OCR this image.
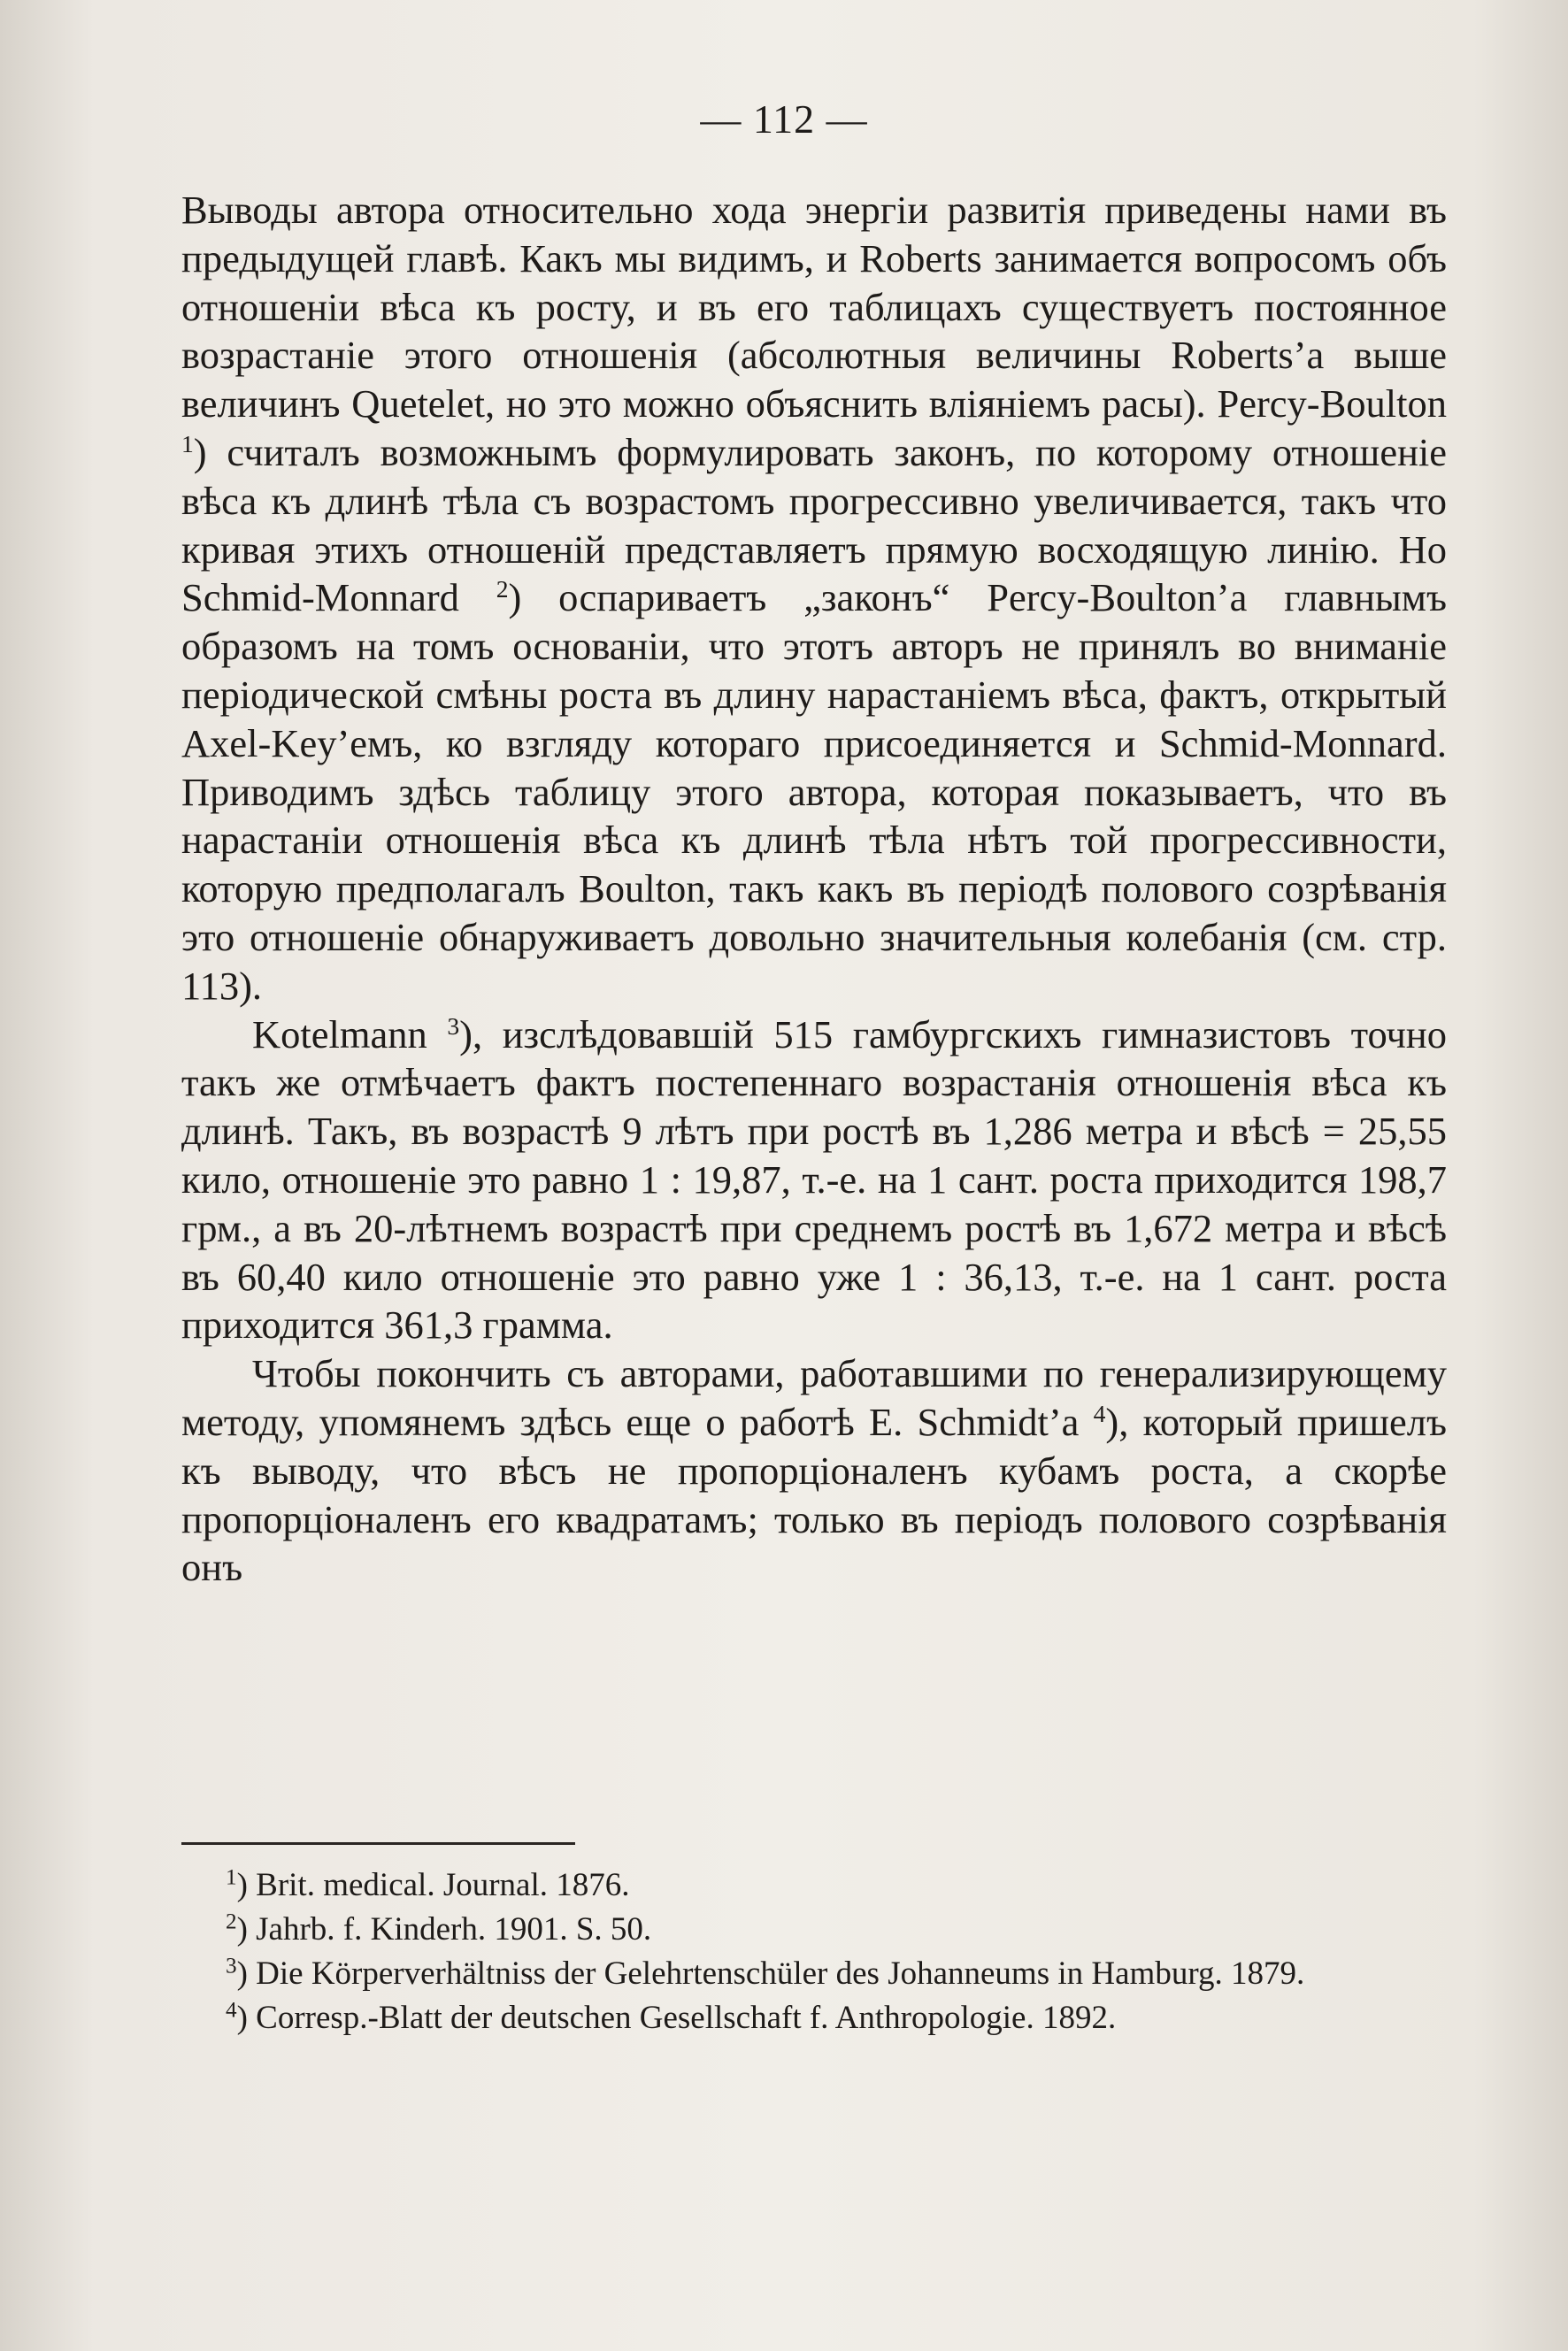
— 112 —

Выводы автора относительно хода энергіи развитія приведены нами въ предыдущей главѣ. Какъ мы видимъ, и Roberts занимается вопросомъ объ отношеніи вѣса къ росту, и въ его таблицахъ существуетъ постоянное возрастаніе этого отношенія (абсолютныя величины Roberts’а выше величинъ Quetelet, но это можно объяснить вліяніемъ расы). Percy-Boulton $^1$) считалъ возможнымъ формулировать законъ, по которому отношеніе вѣса къ длинѣ тѣла съ возрастомъ прогрессивно увеличивается, такъ что кривая этихъ отношеній представляетъ прямую восходящую линію. Но Schmid-Monnard $^2$) оспариваетъ „законъ“ Percy-Boulton’а главнымъ образомъ на томъ основаніи, что этотъ авторъ не принялъ во вниманіе періодической смѣны роста въ длину нарастаніемъ вѣса, фактъ, открытый Axel-Key’емъ, ко взгляду котораго присоединяется и Schmid-Monnard. Приводимъ здѣсь таблицу этого автора, которая показываетъ, что въ нарастаніи отношенія вѣса къ длинѣ тѣла нѣтъ той прогрессивности, которую предполагалъ Boulton, такъ какъ въ періодѣ полового созрѣванія это отношеніе обнаруживаетъ довольно значительныя колебанія (см. стр. 113).

Kotelmann $^3$), изслѣдовавшій 515 гамбургскихъ гимназистовъ точно такъ же отмѣчаетъ фактъ постепеннаго возрастанія отношенія вѣса къ длинѣ. Такъ, въ возрастѣ 9 лѣтъ при ростѣ въ 1,286 метра и вѣсѣ = 25,55 кило, отношеніе это равно 1 : 19,87, т.-е. на 1 сант. роста приходится 198,7 грм., а въ 20-лѣтнемъ возрастѣ при среднемъ ростѣ въ 1,672 метра и вѣсѣ въ 60,40 кило отношеніе это равно уже 1 : 36,13, т.-е. на 1 сант. роста приходится 361,3 грамма.

Чтобы покончить съ авторами, работавшими по генерализирующему методу, упомянемъ здѣсь еще о работѣ E. Schmidt’a $^4$), который пришелъ къ выводу, что вѣсъ не пропорціоналенъ кубамъ роста, а скорѣе пропорціоналенъ его квадратамъ; только въ періодъ полового созрѣванія онъ

$^1$) Brit. medical. Journal. 1876.

$^2$) Jahrb. f. Kinderh. 1901. S. 50.

$^3$) Die Körperverhältniss der Gelehrtenschüler des Johanneums in Hamburg. 1879.

$^4$) Corresp.-Blatt der deutschen Gesellschaft f. Anthropologie. 1892.
